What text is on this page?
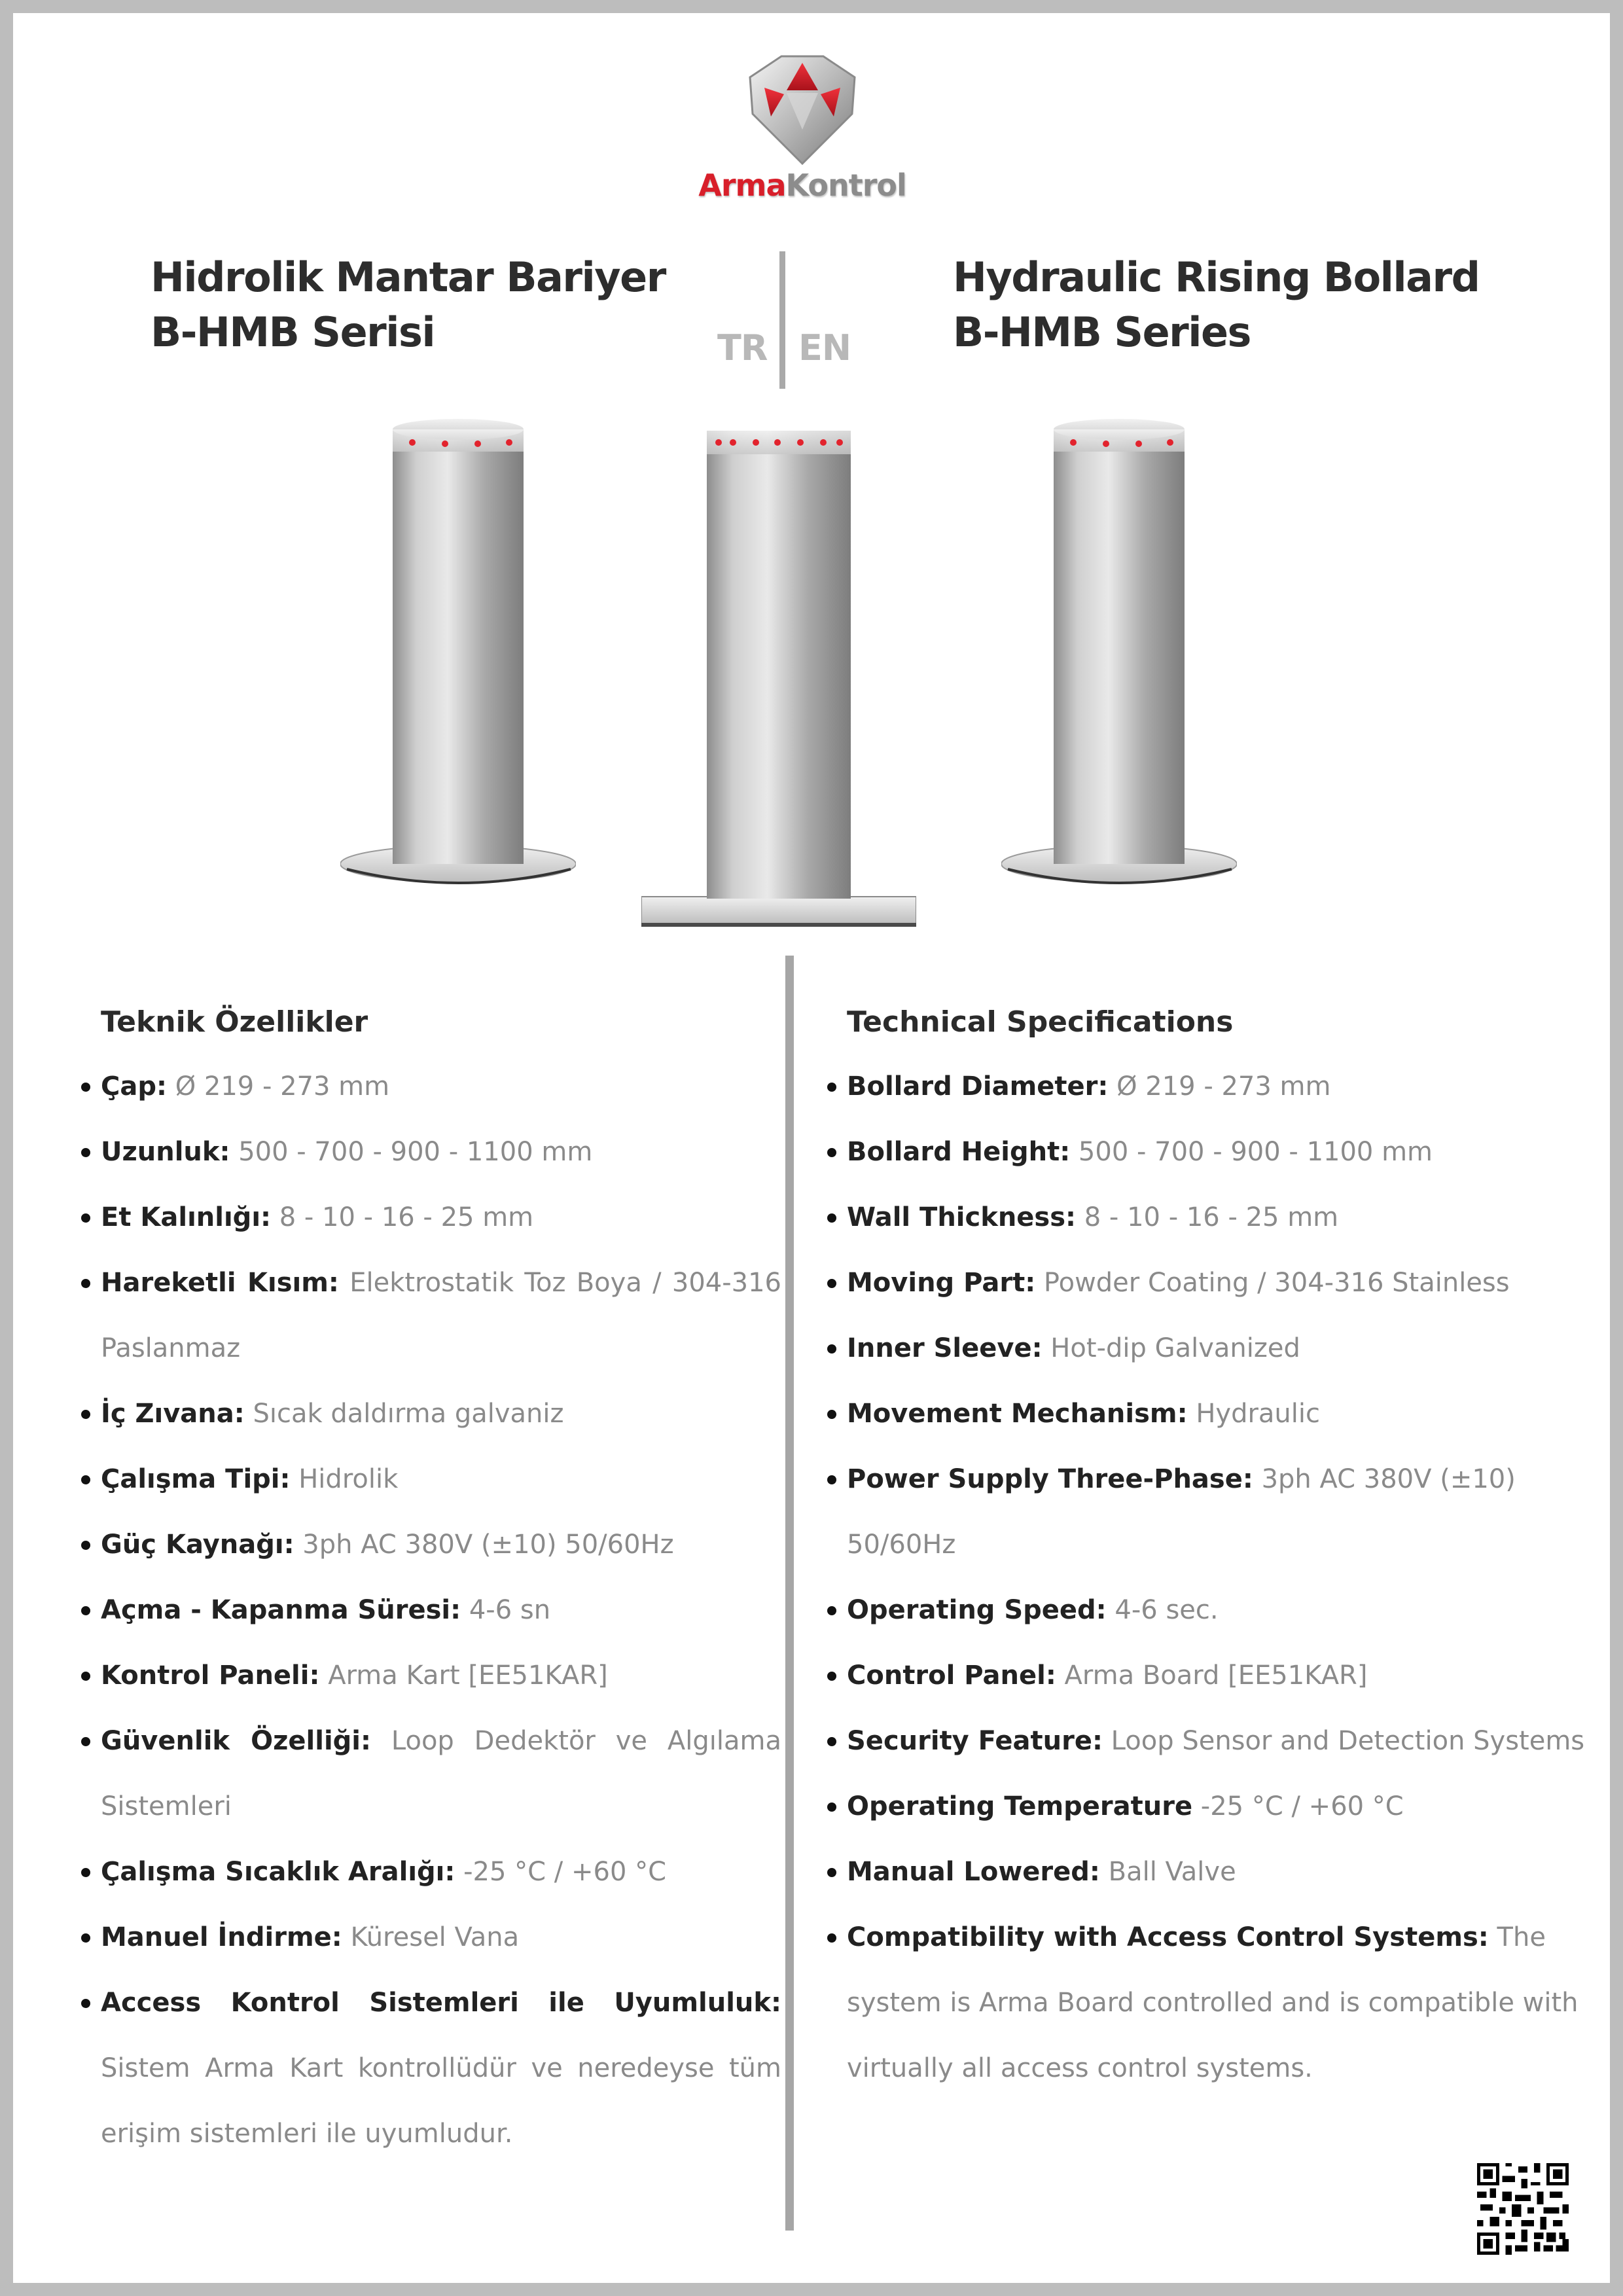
ArmaKontrol
Hidrolik Mantar Bariyer
B-HMB Serisi
Hydraulic Rising Bollard
B-HMB Series
TR EN
Teknik Özellikler
Çap: Ø 219 - 273 mm
Uzunluk: 500 - 700 - 900 - 1100 mm
Et Kalınlığı: 8 - 10 - 16 - 25 mm
Hareketli Kısım: Elektrostatik Toz Boya / 304-316 Paslanmaz
İç Zıvana: Sıcak daldırma galvaniz
Çalışma Tipi: Hidrolik
Güç Kaynağı: 3ph AC 380V (±10) 50/60Hz
Açma - Kapanma Süresi: 4-6 sn
Kontrol Paneli: Arma Kart [EE51KAR]
Güvenlik Özelliği: Loop Dedektör ve Algılama Sistemleri
Çalışma Sıcaklık Aralığı: -25 °C / +60 °C
Manuel İndirme: Küresel Vana
Access Kontrol Sistemleri ile Uyumluluk: Sistem Arma Kart kontrollüdür ve neredeyse tüm erişim sistemleri ile uyumludur.
Technical Specifications
Bollard Diameter: Ø 219 - 273 mm
Bollard Height: 500 - 700 - 900 - 1100 mm
Wall Thickness: 8 - 10 - 16 - 25 mm
Moving Part: Powder Coating / 304-316 Stainless
Inner Sleeve: Hot-dip Galvanized
Movement Mechanism: Hydraulic
Power Supply Three-Phase: 3ph AC 380V (±10) 50/60Hz
Operating Speed: 4-6 sec.
Control Panel: Arma Board [EE51KAR]
Security Feature: Loop Sensor and Detection Systems
Operating Temperature -25 °C / +60 °C
Manual Lowered: Ball Valve
Compatibility with Access Control Systems: The system is Arma Board controlled and is compatible with virtually all access control systems.
